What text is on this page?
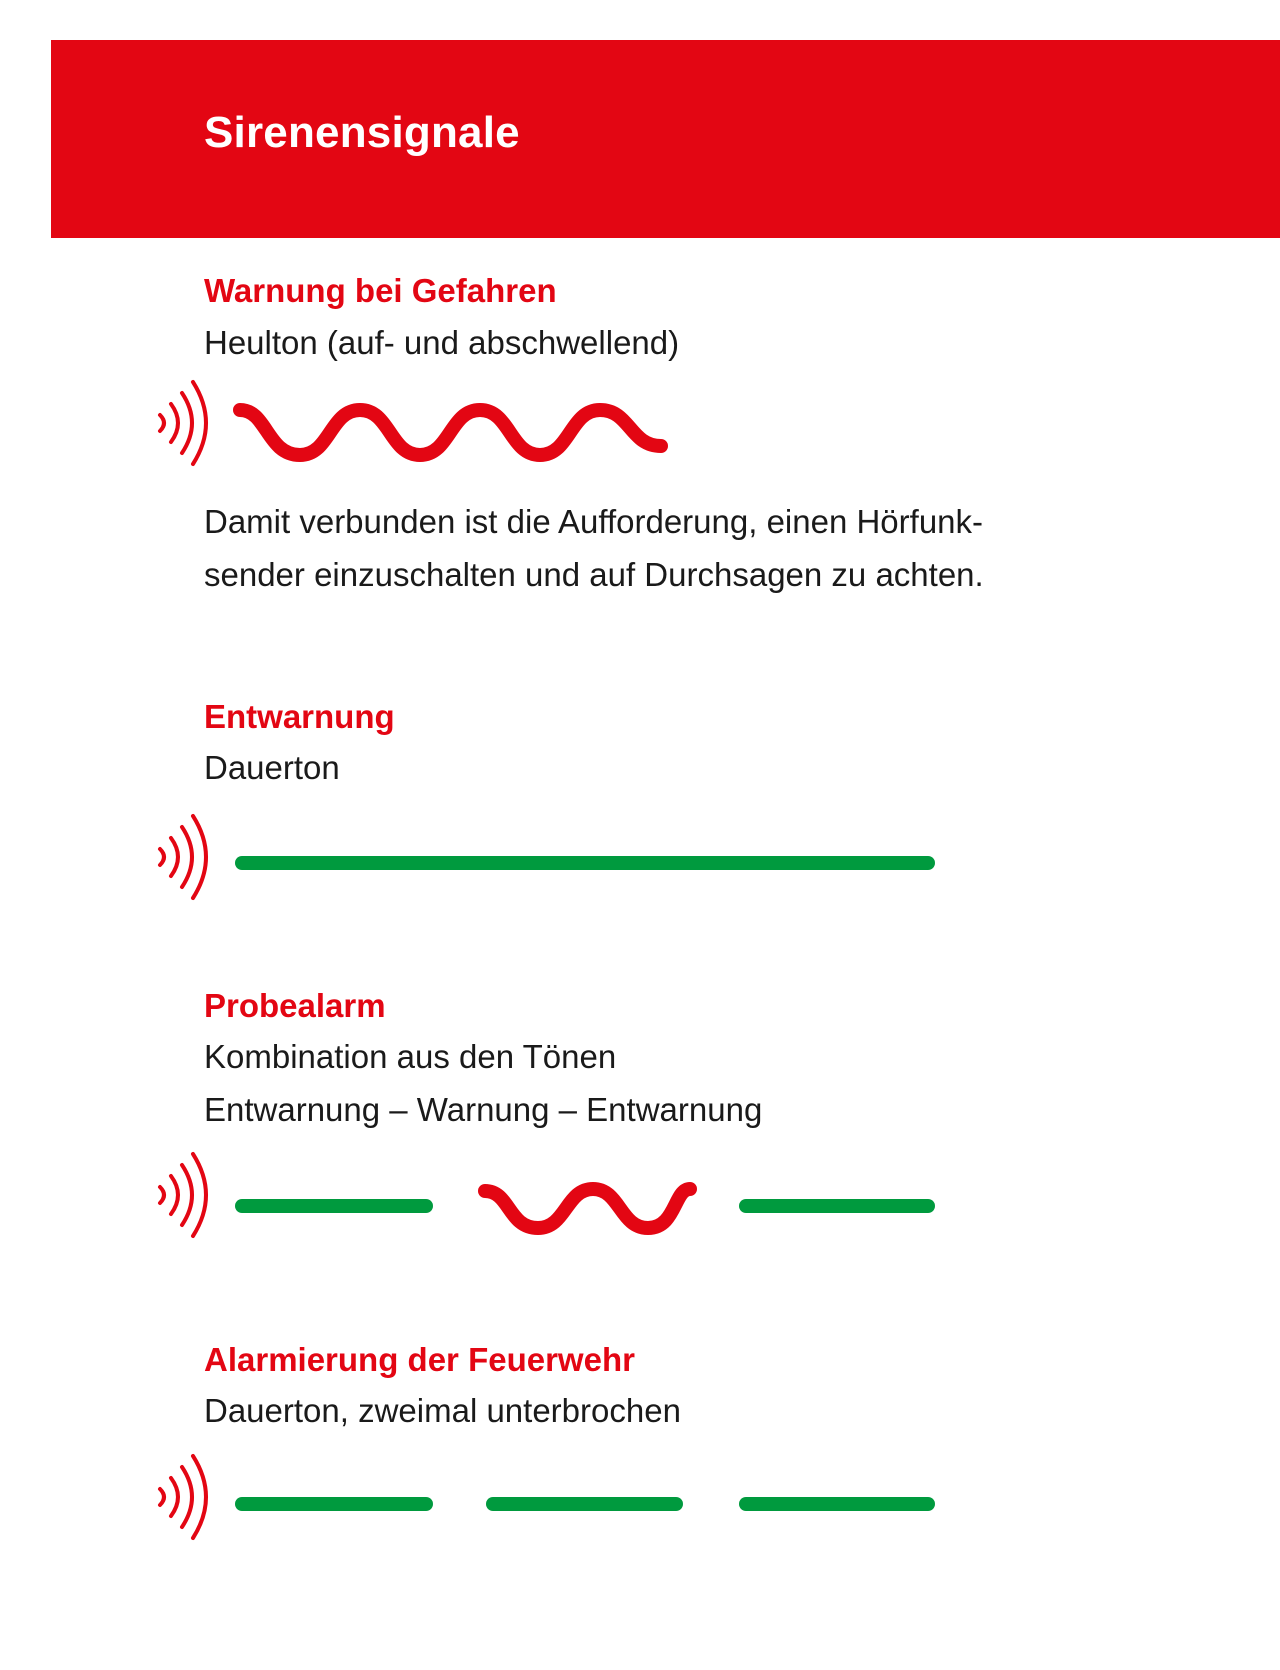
Sirenensignale
Warnung bei Gefahren

Heulton (auf- und abschwellend)

Damit verbunden ist die Aufforderung, einen Hörfunk-

sender einzuschalten und auf Durchsagen zu achten.

Entwarnung

Dauerton

Probealarm

Kombination aus den Tönen

Entwarnung – Warnung – Entwarnung

Alarmierung der Feuerwehr

Dauerton, zweimal unterbrochen
